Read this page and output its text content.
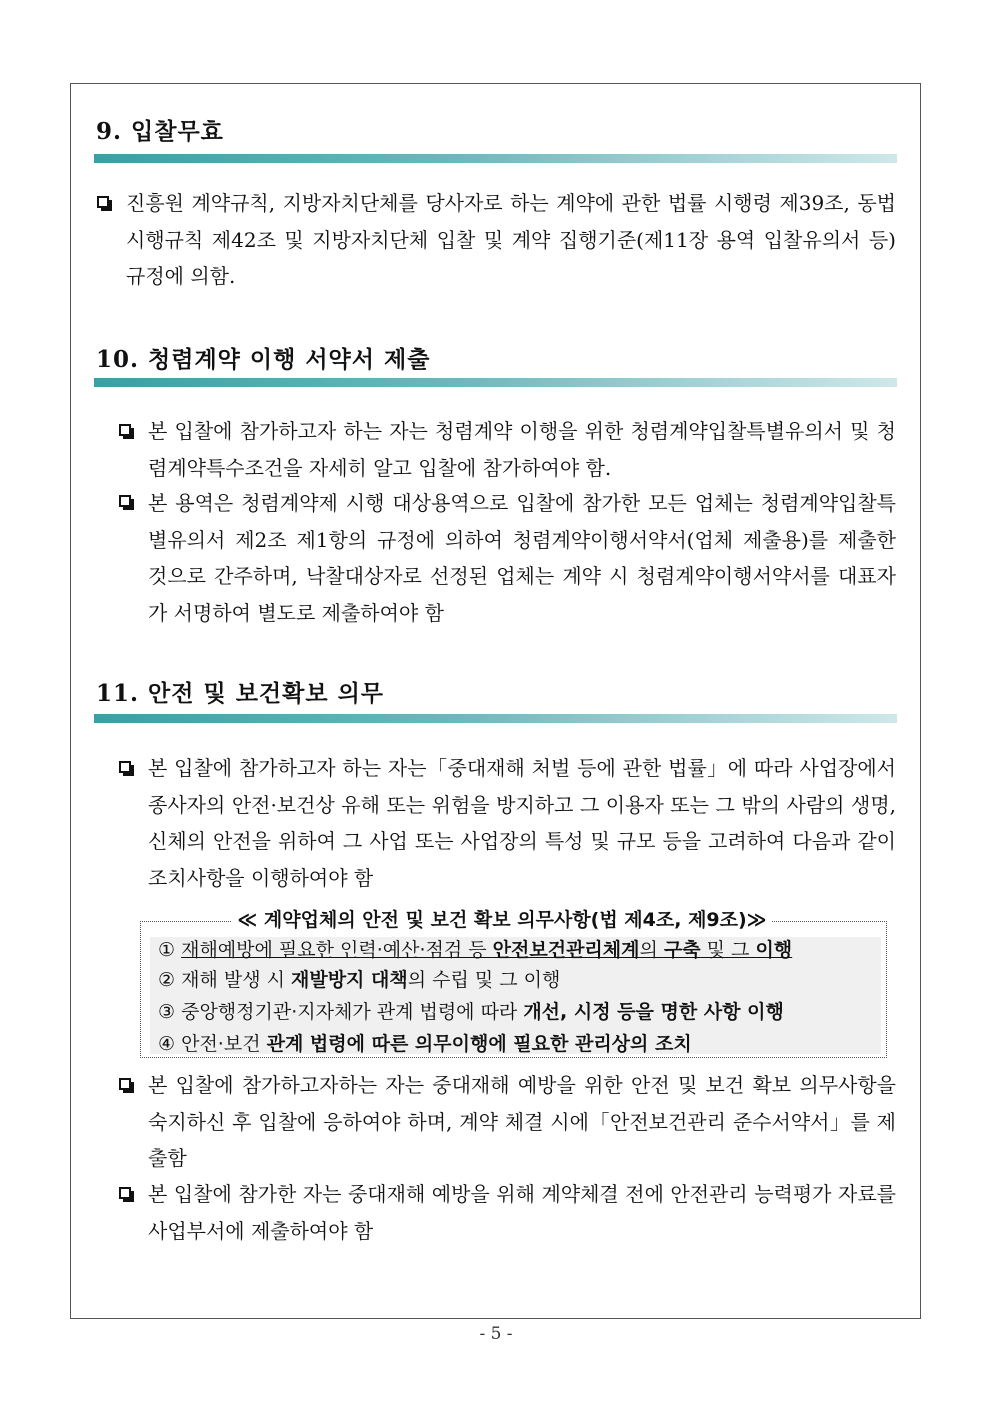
9. 입찰무효
진흥원 계약규칙, 지방자치단체를 당사자로 하는 계약에 관한 법률 시행령 제39조, 동법 시행규칙 제42조 및 지방자치단체 입찰 및 계약 집행기준(제11장 용역 입찰유의서 등) 규정에 의함.
10. 청렴계약 이행 서약서 제출
본 입찰에 참가하고자 하는 자는 청렴계약 이행을 위한 청렴계약입찰특별유의서 및 청렴계약특수조건을 자세히 알고 입찰에 참가하여야 함.
본 용역은 청렴계약제 시행 대상용역으로 입찰에 참가한 모든 업체는 청렴계약입찰특별유의서 제2조 제1항의 규정에 의하여 청렴계약이행서약서(업체 제출용)를 제출한 것으로 간주하며, 낙찰대상자로 선정된 업체는 계약 시 청렴계약이행서약서를 대표자가 서명하여 별도로 제출하여야 함
11. 안전 및 보건확보 의무
본 입찰에 참가하고자 하는 자는「중대재해 처벌 등에 관한 법률」에 따라 사업장에서 종사자의 안전·보건상 유해 또는 위험을 방지하고 그 이용자 또는 그 밖의 사람의 생명, 신체의 안전을 위하여 그 사업 또는 사업장의 특성 및 규모 등을 고려하여 다음과 같이 조치사항을 이행하여야 함
≪ 계약업체의 안전 및 보건 확보 의무사항(법 제4조, 제9조)≫
① 재해예방에 필요한 인력·예산·점검 등 안전보건관리체계의 구축 및 그 이행
② 재해 발생 시 재발방지 대책의 수립 및 그 이행
③ 중앙행정기관·지자체가 관계 법령에 따라 개선, 시정 등을 명한 사항 이행
④ 안전·보건 관계 법령에 따른 의무이행에 필요한 관리상의 조치
본 입찰에 참가하고자하는 자는 중대재해 예방을 위한 안전 및 보건 확보 의무사항을 숙지하신 후 입찰에 응하여야 하며, 계약 체결 시에「안전보건관리 준수서약서」를 제출함
본 입찰에 참가한 자는 중대재해 예방을 위해 계약체결 전에 안전관리 능력평가 자료를 사업부서에 제출하여야 함
- 5 -
